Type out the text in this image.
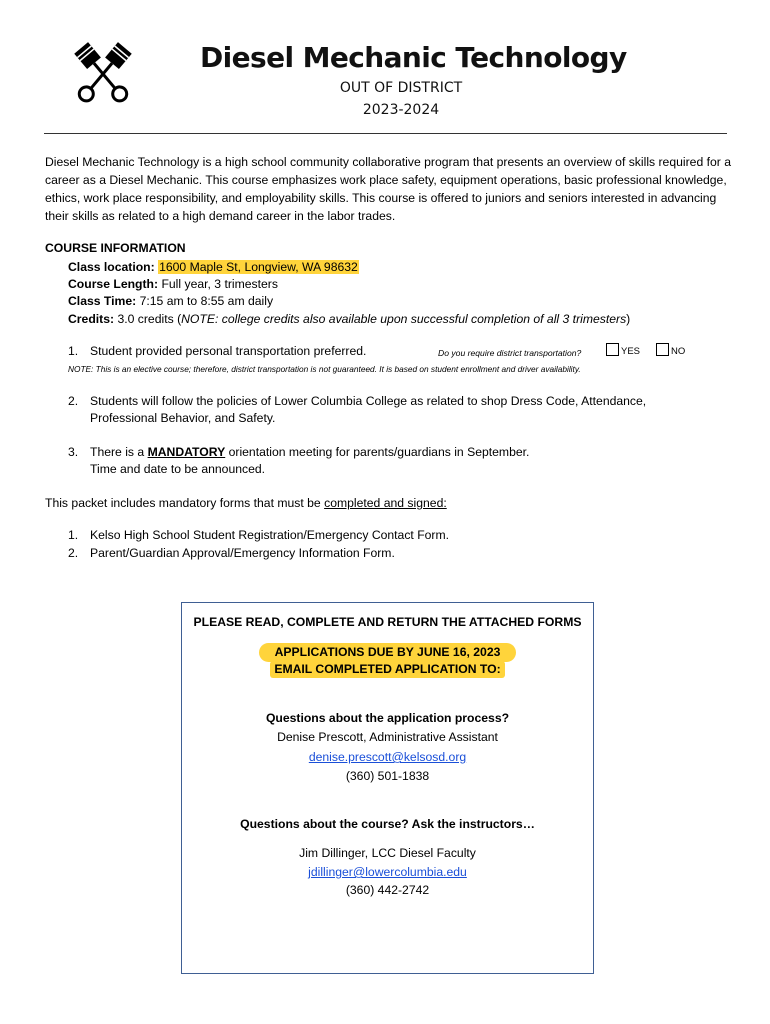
Diesel Mechanic Technology
OUT OF DISTRICT
2023-2024
Diesel Mechanic Technology is a high school community collaborative program that presents an overview of skills required for a career as a Diesel Mechanic. This course emphasizes work place safety, equipment operations, basic professional knowledge, ethics, work place responsibility, and employability skills. This course is offered to juniors and seniors interested in advancing their skills as related to a high demand career in the labor trades.
COURSE INFORMATION
Class location: 1600 Maple St, Longview, WA 98632
Course Length: Full year, 3 trimesters
Class Time: 7:15 am to 8:55 am daily
Credits: 3.0 credits (NOTE: college credits also available upon successful completion of all 3 trimesters)
1. Student provided personal transportation preferred.	Do you require district transportation?	YES	NO
NOTE: This is an elective course; therefore, district transportation is not guaranteed. It is based on student enrollment and driver availability.
2. Students will follow the policies of Lower Columbia College as related to shop Dress Code, Attendance,
Professional Behavior, and Safety.
3. There is a MANDATORY orientation meeting for parents/guardians in September.
Time and date to be announced.
This packet includes mandatory forms that must be completed and signed:
1. Kelso High School Student Registration/Emergency Contact Form.
2. Parent/Guardian Approval/Emergency Information Form.
PLEASE READ, COMPLETE AND RETURN THE ATTACHED FORMS
APPLICATIONS DUE BY JUNE 16, 2023
EMAIL COMPLETED APPLICATION TO:
Questions about the application process?
Denise Prescott, Administrative Assistant
denise.prescott@kelsosd.org
(360) 501-1838
Questions about the course? Ask the instructors…
Jim Dillinger, LCC Diesel Faculty
jdillinger@lowercolumbia.edu
(360) 442-2742
